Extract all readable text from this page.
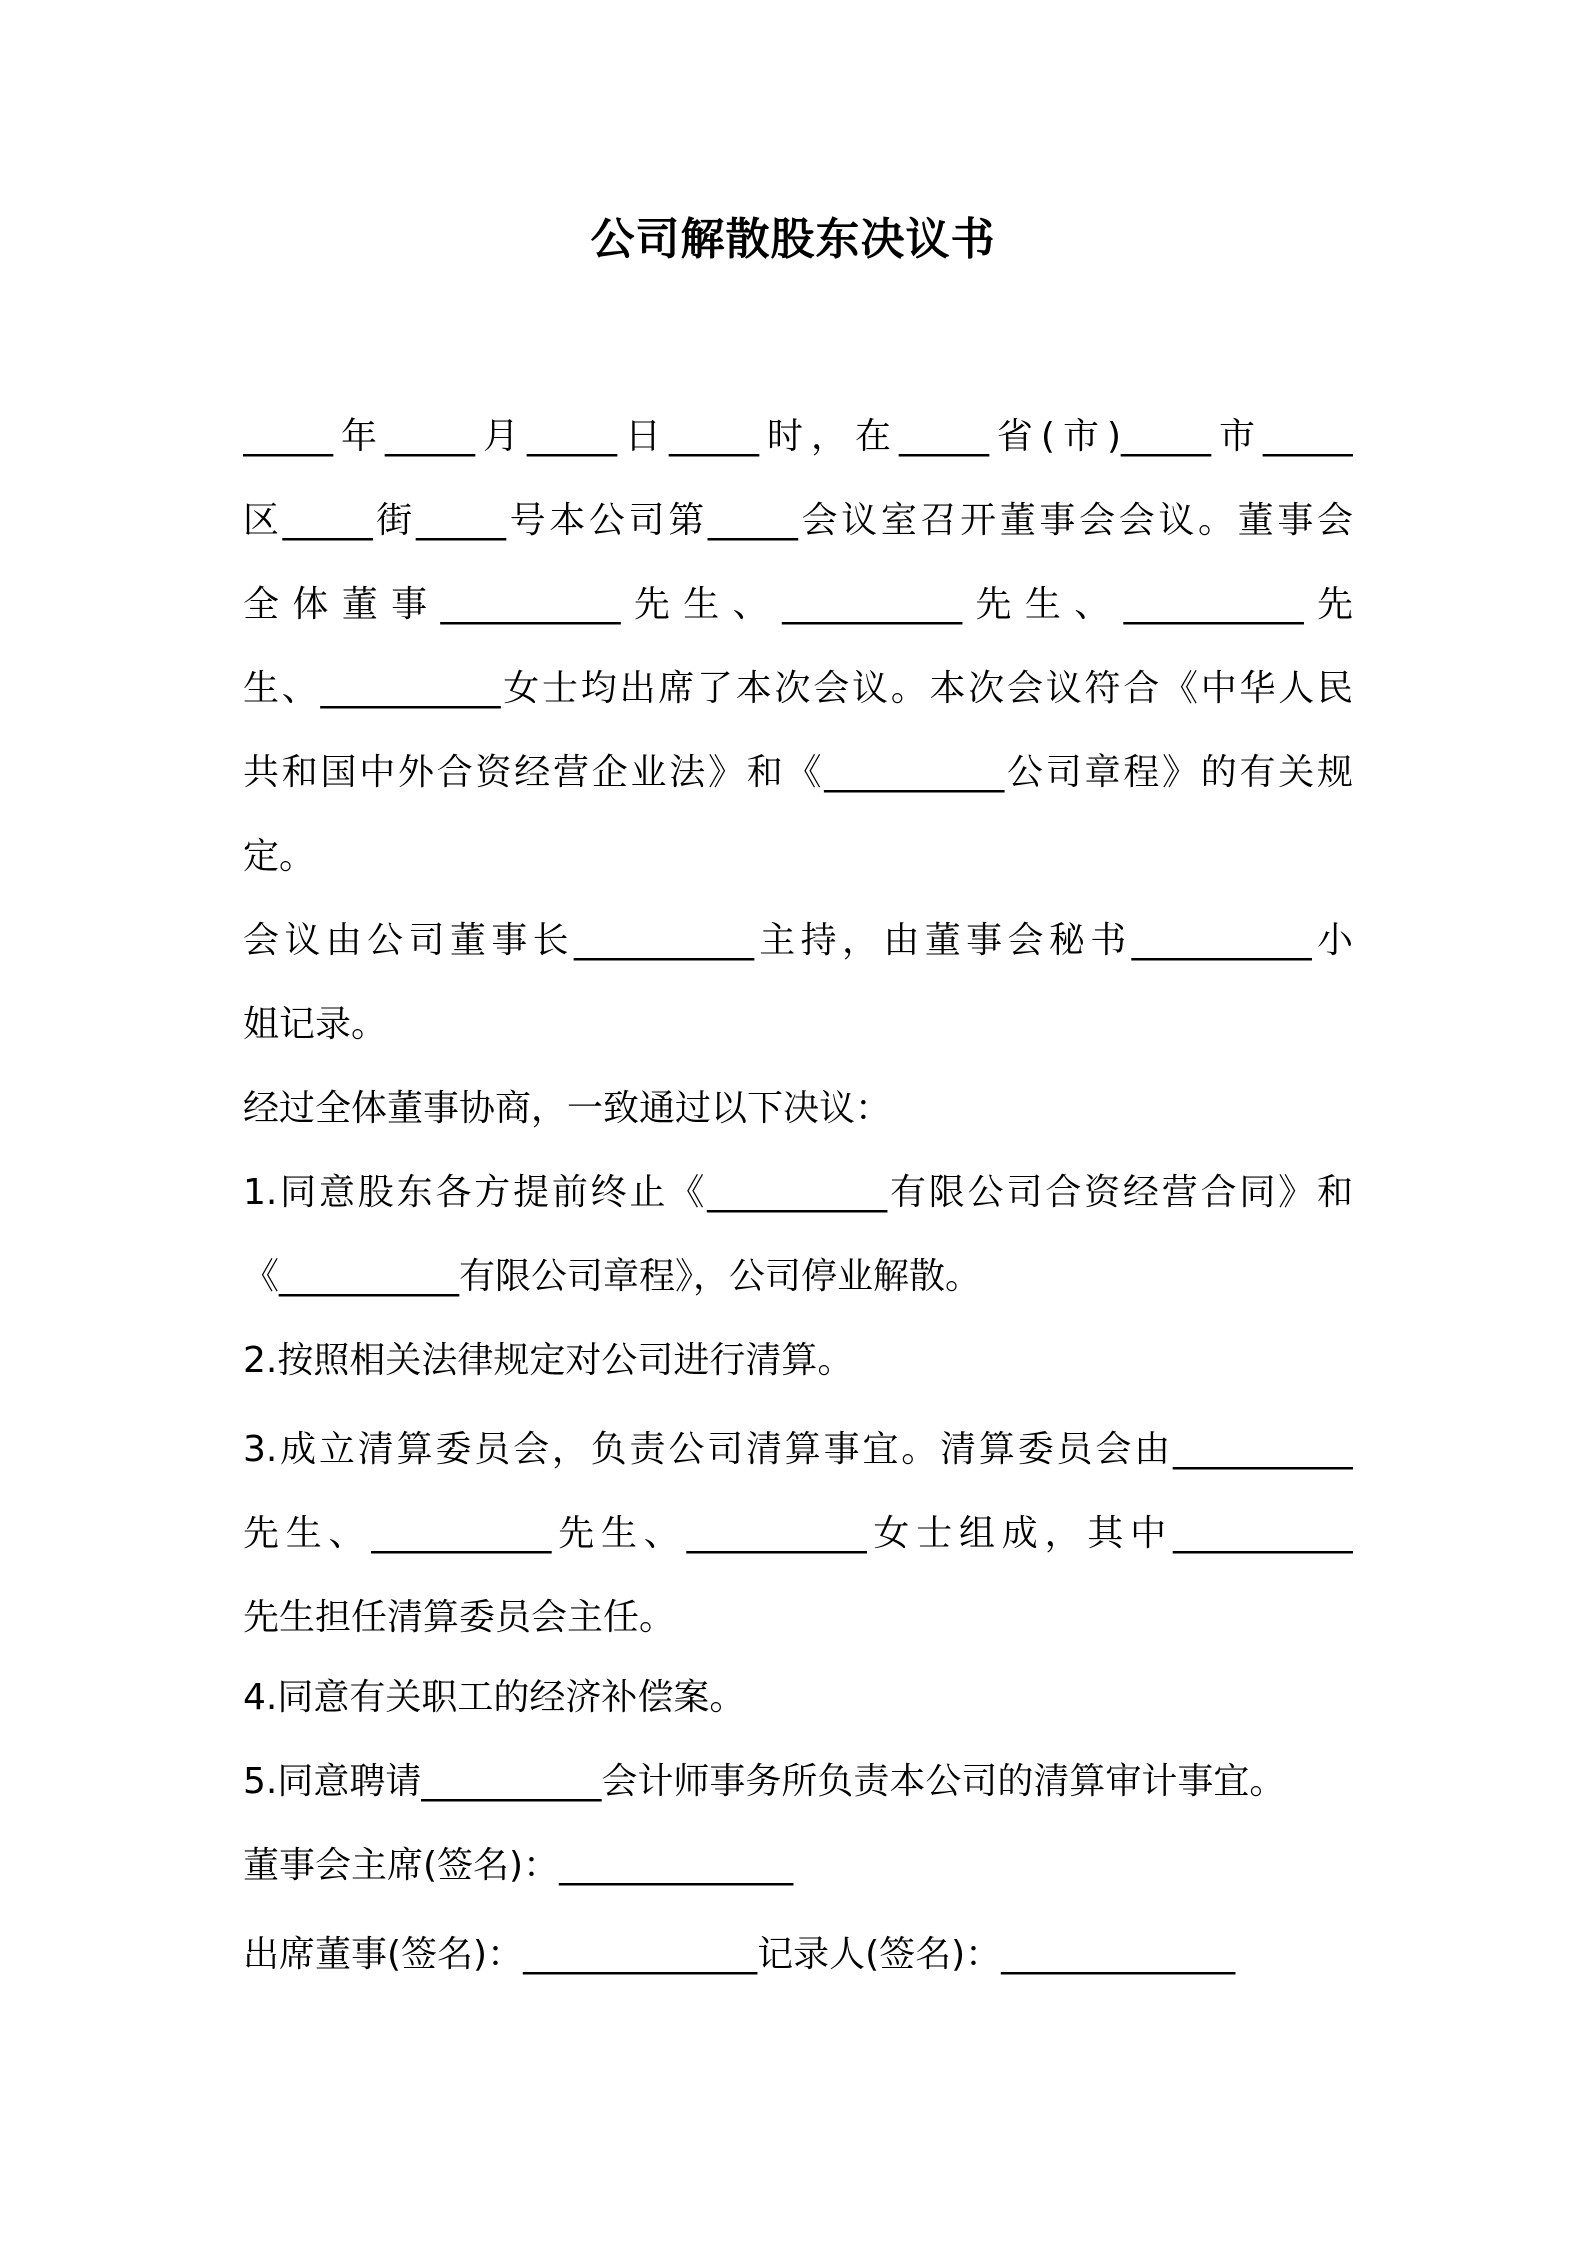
公司解散股东决议书
_____年_____月_____日_____时，在_____省(市)_____市_____
区_____街_____号本公司第_____会议室召开董事会会议。董事会
全体董事__________先生、__________先生、__________先
生、__________女士均出席了本次会议。本次会议符合《中华人民
共和国中外合资经营企业法》和《__________公司章程》的有关规
定。
会议由公司董事长__________主持，由董事会秘书__________小
姐记录。
经过全体董事协商，一致通过以下决议：
1.同意股东各方提前终止《__________有限公司合资经营合同》和
《__________有限公司章程》，公司停业解散。
2.按照相关法律规定对公司进行清算。
3.成立清算委员会，负责公司清算事宜。清算委员会由__________
先生、__________先生、__________女士组成，其中__________
先生担任清算委员会主任。
4.同意有关职工的经济补偿案。
5.同意聘请__________会计师事务所负责本公司的清算审计事宜。
董事会主席(签名)：_____________
出席董事(签名)：_____________记录人(签名)：_____________
